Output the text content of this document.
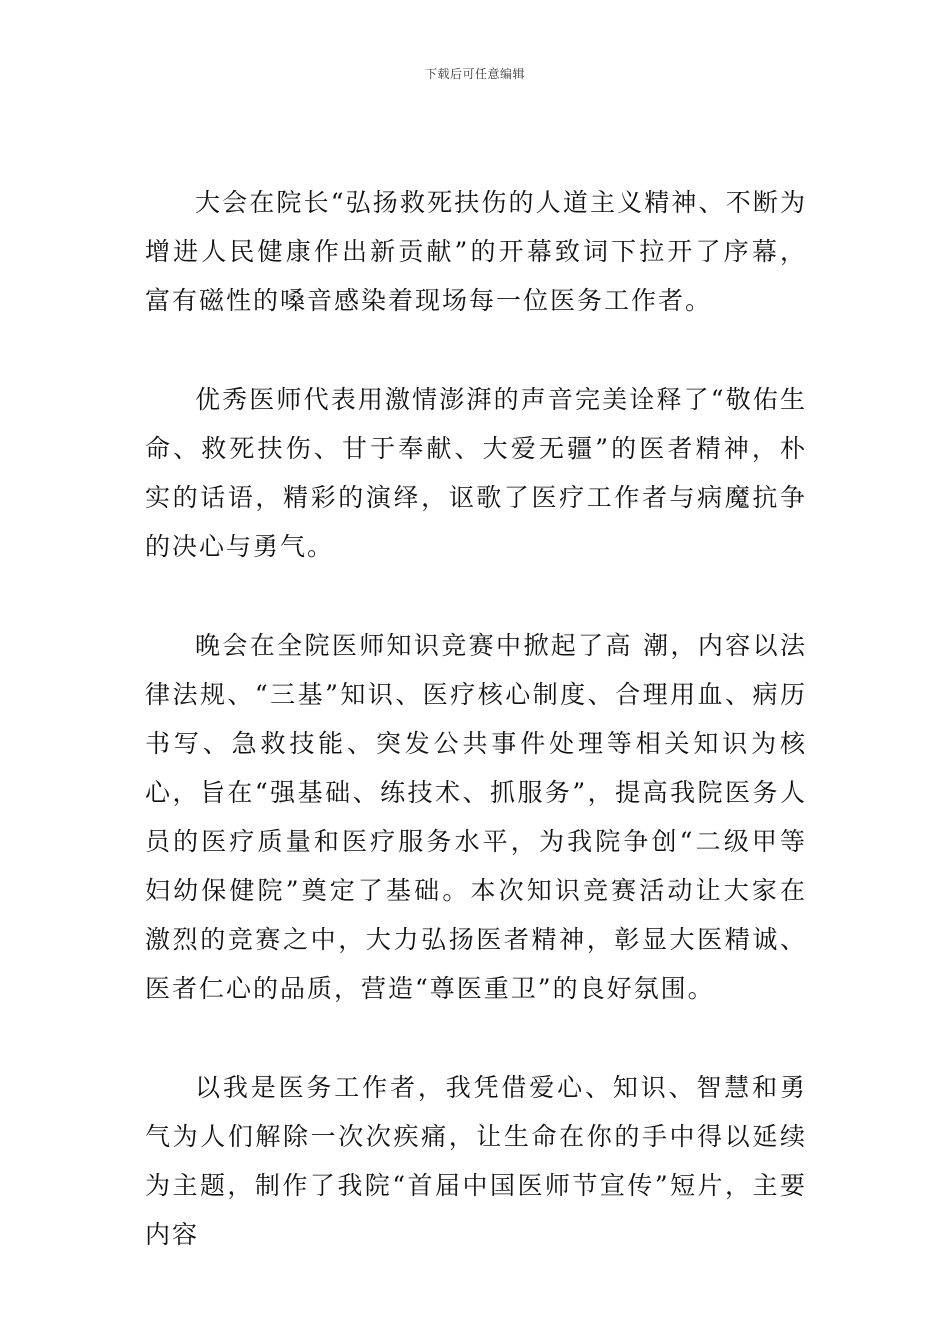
下载后可任意编辑

大会在院长“弘扬救死扶伤的人道主义精神、不断为增进人民健康作出新贡献”的开幕致词下拉开了序幕，富有磁性的嗓音感染着现场每一位医务工作者。

优秀医师代表用激情澎湃的声音完美诠释了“敬佑生命、救死扶伤、甘于奉献、大爱无疆”的医者精神，朴实的话语，精彩的演绎，讴歌了医疗工作者与病魔抗争的决心与勇气。

晚会在全院医师知识竞赛中掀起了高 潮，内容以法律法规、“三基”知识、医疗核心制度、合理用血、病历书写、急救技能、突发公共事件处理等相关知识为核心，旨在“强基础、练技术、抓服务”，提高我院医务人员的医疗质量和医疗服务水平，为我院争创“二级甲等妇幼保健院”奠定了基础。本次知识竞赛活动让大家在激烈的竞赛之中，大力弘扬医者精神，彰显大医精诚、医者仁心的品质，营造“尊医重卫”的良好氛围。

以我是医务工作者，我凭借爱心、知识、智慧和勇气为人们解除一次次疾痛，让生命在你的手中得以延续为主题，制作了我院“首届中国医师节宣传”短片，主要内容
